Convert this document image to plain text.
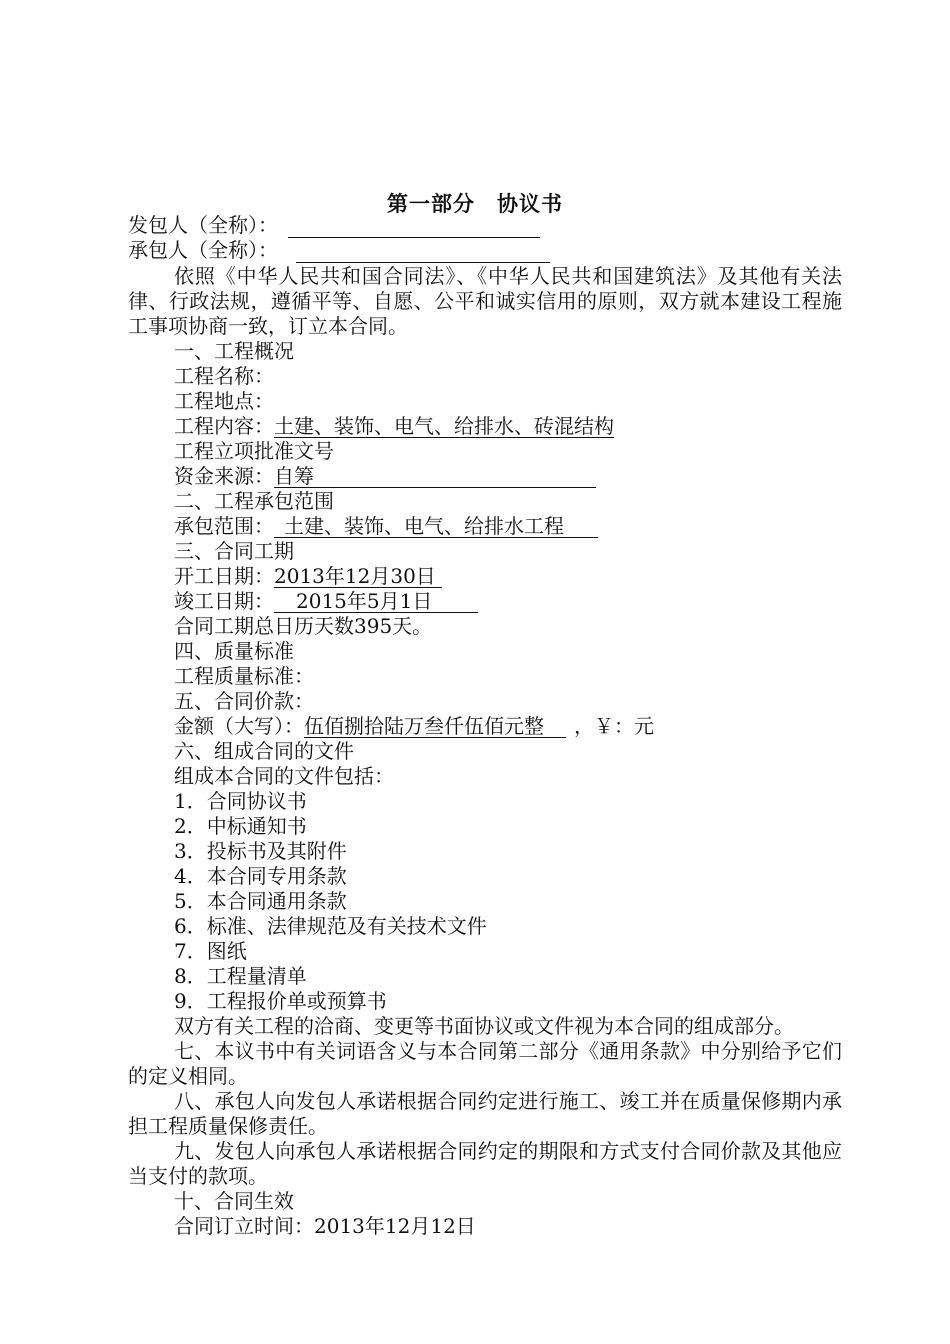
第一部分　协议书
发包人（全称）：
承包人（全称）：
依照《中华人民共和国合同法》、《中华人民共和国建筑法》及其他有关法律、行政法规，遵循平等、自愿、公平和诚实信用的原则，双方就本建设工程施工事项协商一致，订立本合同。
一、工程概况
工程名称：
工程地点：
工程内容：土建、装饰、电气、给排水、砖混结构
工程立项批准文号
资金来源：自筹
二、工程承包范围
承包范围： 土建、装饰、电气、给排水工程
三、合同工期
开工日期：2013年12月30日
竣工日期： 2015年5月1日
合同工期总日历天数395天。
四、质量标准
工程质量标准：
五、合同价款：
金额（大写）：伍佰捌拾陆万叁仟伍佰元整 ，￥：元
六、组成合同的文件
组成本合同的文件包括：
1．合同协议书
2．中标通知书
3．投标书及其附件
4．本合同专用条款
5．本合同通用条款
6．标准、法律规范及有关技术文件
7．图纸
8．工程量清单
9．工程报价单或预算书
双方有关工程的洽商、变更等书面协议或文件视为本合同的组成部分。
七、本议书中有关词语含义与本合同第二部分《通用条款》中分别给予它们的定义相同。
八、承包人向发包人承诺根据合同约定进行施工、竣工并在质量保修期内承担工程质量保修责任。
九、发包人向承包人承诺根据合同约定的期限和方式支付合同价款及其他应当支付的款项。
十、合同生效
合同订立时间：2013年12月12日
